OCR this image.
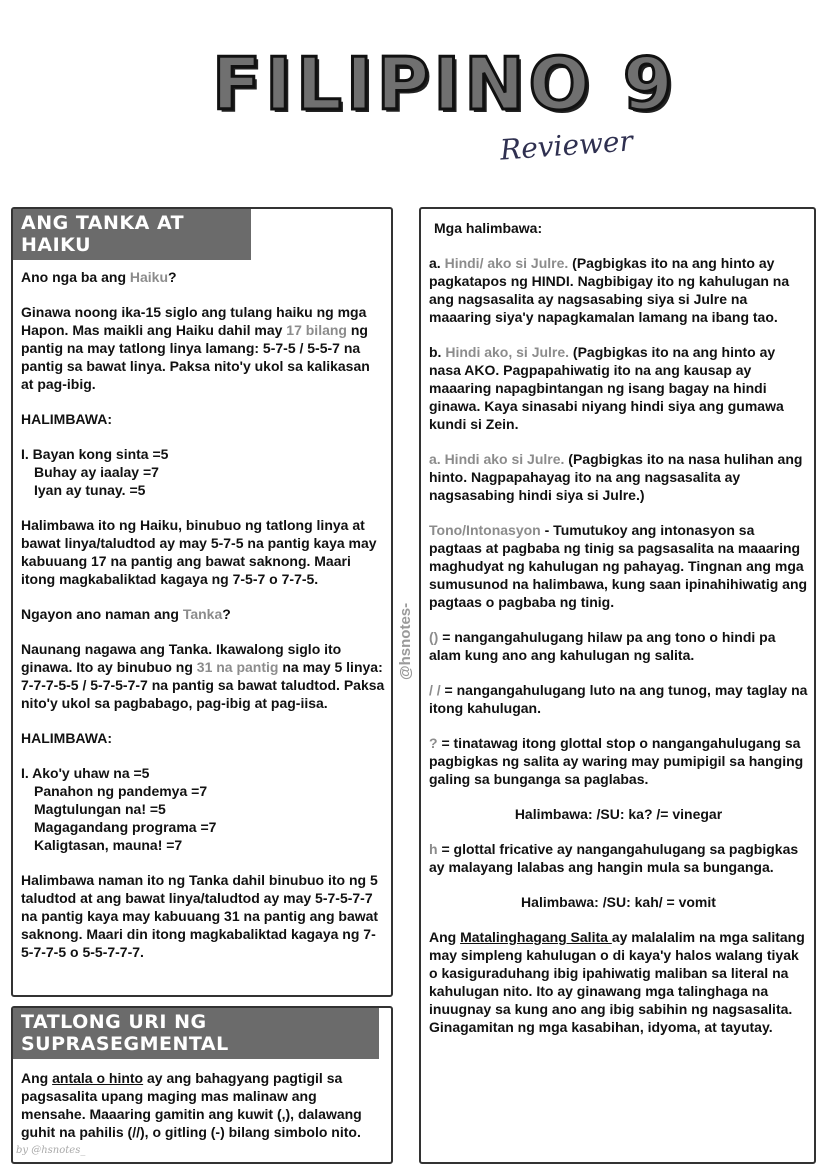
FILIPINO 9
Reviewer
ANG TANKA AT HAIKU

Ano nga ba ang Haiku?

Ginawa noong ika-15 siglo ang tulang haiku ng mga Hapon. Mas maikli ang Haiku dahil may 17 bilang ng pantig na may tatlong linya lamang: 5-7-5 / 5-5-7 na pantig sa bawat linya. Paksa nito'y ukol sa kalikasan at pag-ibig.

HALIMBAWA:

I. Bayan kong sinta =5
Buhay ay iaalay =7
Iyan ay tunay. =5

Halimbawa ito ng Haiku, binubuo ng tatlong linya at bawat linya/taludtod ay may 5-7-5 na pantig kaya may kabuuang 17 na pantig ang bawat saknong. Maari itong magkabaliktad kagaya ng 7-5-7 o 7-7-5.

Ngayon ano naman ang Tanka?

Naunang nagawa ang Tanka. Ikawalong siglo ito ginawa. Ito ay binubuo ng 31 na pantig na may 5 linya: 7-7-7-5-5 / 5-7-5-7-7 na pantig sa bawat taludtod. Paksa nito'y ukol sa pagbabago, pag-ibig at pag-iisa.

HALIMBAWA:

I. Ako'y uhaw na =5
Panahon ng pandemya =7
Magtulungan na! =5
Magagandang programa =7
Kaligtasan, mauna! =7

Halimbawa naman ito ng Tanka dahil binubuo ito ng 5 taludtod at ang bawat linya/taludtod ay may 5-7-5-7-7 na pantig kaya may kabuuang 31 na pantig ang bawat saknong. Maari din itong magkabaliktad kagaya ng 7-5-7-7-5 o 5-5-7-7-7.

TATLONG URI NG SUPRASEGMENTAL

Ang antala o hinto ay ang bahagyang pagtigil sa pagsasalita upang maging mas malinaw ang mensahe. Maaaring gamitin ang kuwit (,), dalawang guhit na pahilis (//), o gitling (-) bilang simbolo nito.

Mga halimbawa:

a. Hindi/ ako si Julre. (Pagbigkas ito na ang hinto ay pagkatapos ng HINDI. Nagbibigay ito ng kahulugan na ang nagsasalita ay nagsasabing siya si Julre na maaaring siya'y napagkamalan lamang na ibang tao.

b. Hindi ako, si Julre. (Pagbigkas ito na ang hinto ay nasa AKO. Pagpapahiwatig ito na ang kausap ay maaaring napagbintangan ng isang bagay na hindi ginawa. Kaya sinasabi niyang hindi siya ang gumawa kundi si Zein.

a. Hindi ako si Julre. (Pagbigkas ito na nasa hulihan ang hinto. Nagpapahayag ito na ang nagsasalita ay nagsasabing hindi siya si Julre.)

Tono/Intonasyon - Tumutukoy ang intonasyon sa pagtaas at pagbaba ng tinig sa pagsasalita na maaaring maghudyat ng kahulugan ng pahayag. Tingnan ang mga sumusunod na halimbawa, kung saan ipinahihiwatig ang pagtaas o pagbaba ng tinig.

() = nangangahulugang hilaw pa ang tono o hindi pa alam kung ano ang kahulugan ng salita.

/ / = nangangahulugang luto na ang tunog, may taglay na itong kahulugan.

? = tinatawag itong glottal stop o nangangahulugang sa pagbigkas ng salita ay waring may pumipigil sa hanging galing sa bunganga sa paglabas.

Halimbawa: /SU: ka? /= vinegar

h = glottal fricative ay nangangahulugang sa pagbigkas ay malayang lalabas ang hangin mula sa bunganga.

Halimbawa: /SU: kah/ = vomit

Ang Matalinghagang Salita ay malalalim na mga salitang may simpleng kahulugan o di kaya'y halos walang tiyak o kasiguraduhang ibig ipahiwatig maliban sa literal na kahulugan nito. Ito ay ginawang mga talinghaga na inuugnay sa kung ano ang ibig sabihin ng nagsasalita. Ginagamitan ng mga kasabihan, idyoma, at tayutay.

@hsnotes-
by @hsnotes_
